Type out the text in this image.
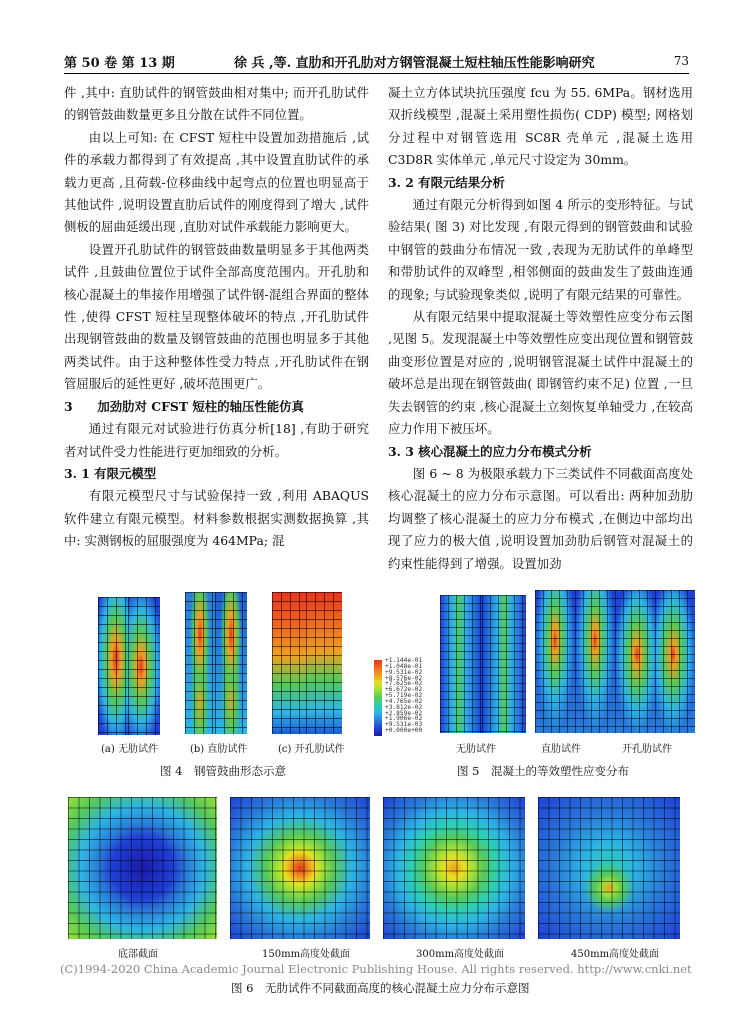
第 50 卷 第 13 期	徐 兵 ,等. 直肋和开孔肋对方钢管混凝土短柱轴压性能影响研究	73

件 ,其中: 直肋试件的钢管鼓曲相对集中; 而开孔肋试件的钢管鼓曲数量更多且分散在试件不同位置。

由以上可知: 在 CFST 短柱中设置加劲措施后 ,试件的承载力都得到了有效提高 ,其中设置直肋试件的承载力更高 ,且荷载-位移曲线中起弯点的位置也明显高于其他试件 ,说明设置直肋后试件的刚度得到了增大 ,试件侧板的屈曲延缓出现 ,直肋对试件承载能力影响更大。

设置开孔肋试件的钢管鼓曲数量明显多于其他两类试件 ,且鼓曲位置位于试件全部高度范围内。开孔肋和核心混凝土的隼接作用增强了试件钢-混组合界面的整体性 ,使得 CFST 短柱呈现整体破坏的特点 ,开孔肋试件出现钢管鼓曲的数量及钢管鼓曲的范围也明显多于其他两类试件。由于这种整体性受力特点 ,开孔肋试件在钢管屈服后的延性更好 ,破坏范围更广。

3　　加劲肋对 CFST 短柱的轴压性能仿真

通过有限元对试验进行仿真分析[18] ,有助于研究者对试件受力性能进行更加细致的分析。

3. 1 有限元模型

有限元模型尺寸与试验保持一致 ,利用 ABAQUS 软件建立有限元模型。材料参数根据实测数据换算 ,其中: 实测钢板的屈服强度为 464MPa; 混

凝土立方体试块抗压强度 fcu 为 55. 6MPa。钢材选用双折线模型 ,混凝土采用塑性损伤( CDP) 模型; 网格划分过程中对钢管选用 SC8R 壳单元 ,混凝土选用 C3D8R 实体单元 ,单元尺寸设定为 30mm。

3. 2 有限元结果分析

通过有限元分析得到如图 4 所示的变形特征。与试验结果( 图 3) 对比发现 ,有限元得到的钢管鼓曲和试验中钢管的鼓曲分布情况一致 ,表现为无肋试件的单峰型和带肋试件的双峰型 ,相邻侧面的鼓曲发生了鼓曲连通的现象; 与试验现象类似 ,说明了有限元结果的可靠性。

从有限元结果中提取混凝土等效塑性应变分布云图 ,见图 5。发现混凝土中等效塑性应变出现位置和钢管鼓曲变形位置是对应的 ,说明钢管混凝土试件中混凝土的破坏总是出现在钢管鼓曲( 即钢管约束不足) 位置 ,一旦失去钢管的约束 ,核心混凝土立刻恢复单轴受力 ,在较高应力作用下被压坏。

3. 3 核心混凝土的应力分布模式分析

图 6 ~ 8 为极限承载力下三类试件不同截面高度处核心混凝土的应力分布示意图。可以看出: 两种加劲肋均调整了核心混凝土的应力分布模式 ,在侧边中部均出现了应力的极大值 ,说明设置加劲肋后钢管对混凝土的约束性能得到了增强。设置加劲

(a) 无肋试件	(b) 直肋试件	(c) 开孔肋试件
图 4　钢管鼓曲形态示意
+1.144e-01
+1.048e-01
+9.531e-02
+8.576e-02
+7.625e-02
+6.672e-02
+5.719e-02
+4.765e-02
+3.812e-02
+2.859e-02
+1.906e-02
+9.531e-03
+0.000e+00
无肋试件	直肋试件	开孔肋试件
图 5　混凝土的等效塑性应变分布
底部截面	150mm高度处截面	300mm高度处截面	450mm高度处截面
图 6　无肋试件不同截面高度的核心混凝土应力分布示意图
(C)1994-2020 China Academic Journal Electronic Publishing House. All rights reserved. http://www.cnki.net
